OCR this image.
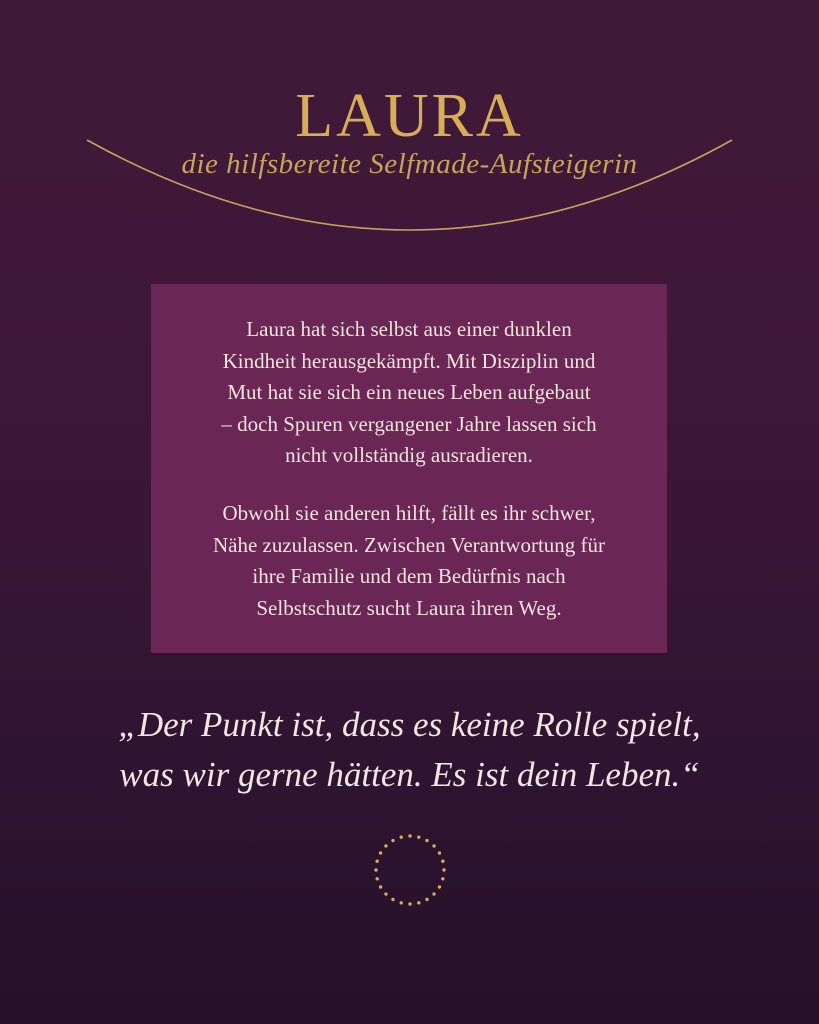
LAURA
die hilfsbereite Selfmade-Aufsteigerin

Laura hat sich selbst aus einer dunklen
Kindheit herausgekämpft. Mit Disziplin und
Mut hat sie sich ein neues Leben aufgebaut
– doch Spuren vergangener Jahre lassen sich
nicht vollständig ausradieren.

Obwohl sie anderen hilft, fällt es ihr schwer,
Nähe zuzulassen. Zwischen Verantwortung für
ihre Familie und dem Bedürfnis nach
Selbstschutz sucht Laura ihren Weg.

„Der Punkt ist, dass es keine Rolle spielt,
was wir gerne hätten. Es ist dein Leben.“
